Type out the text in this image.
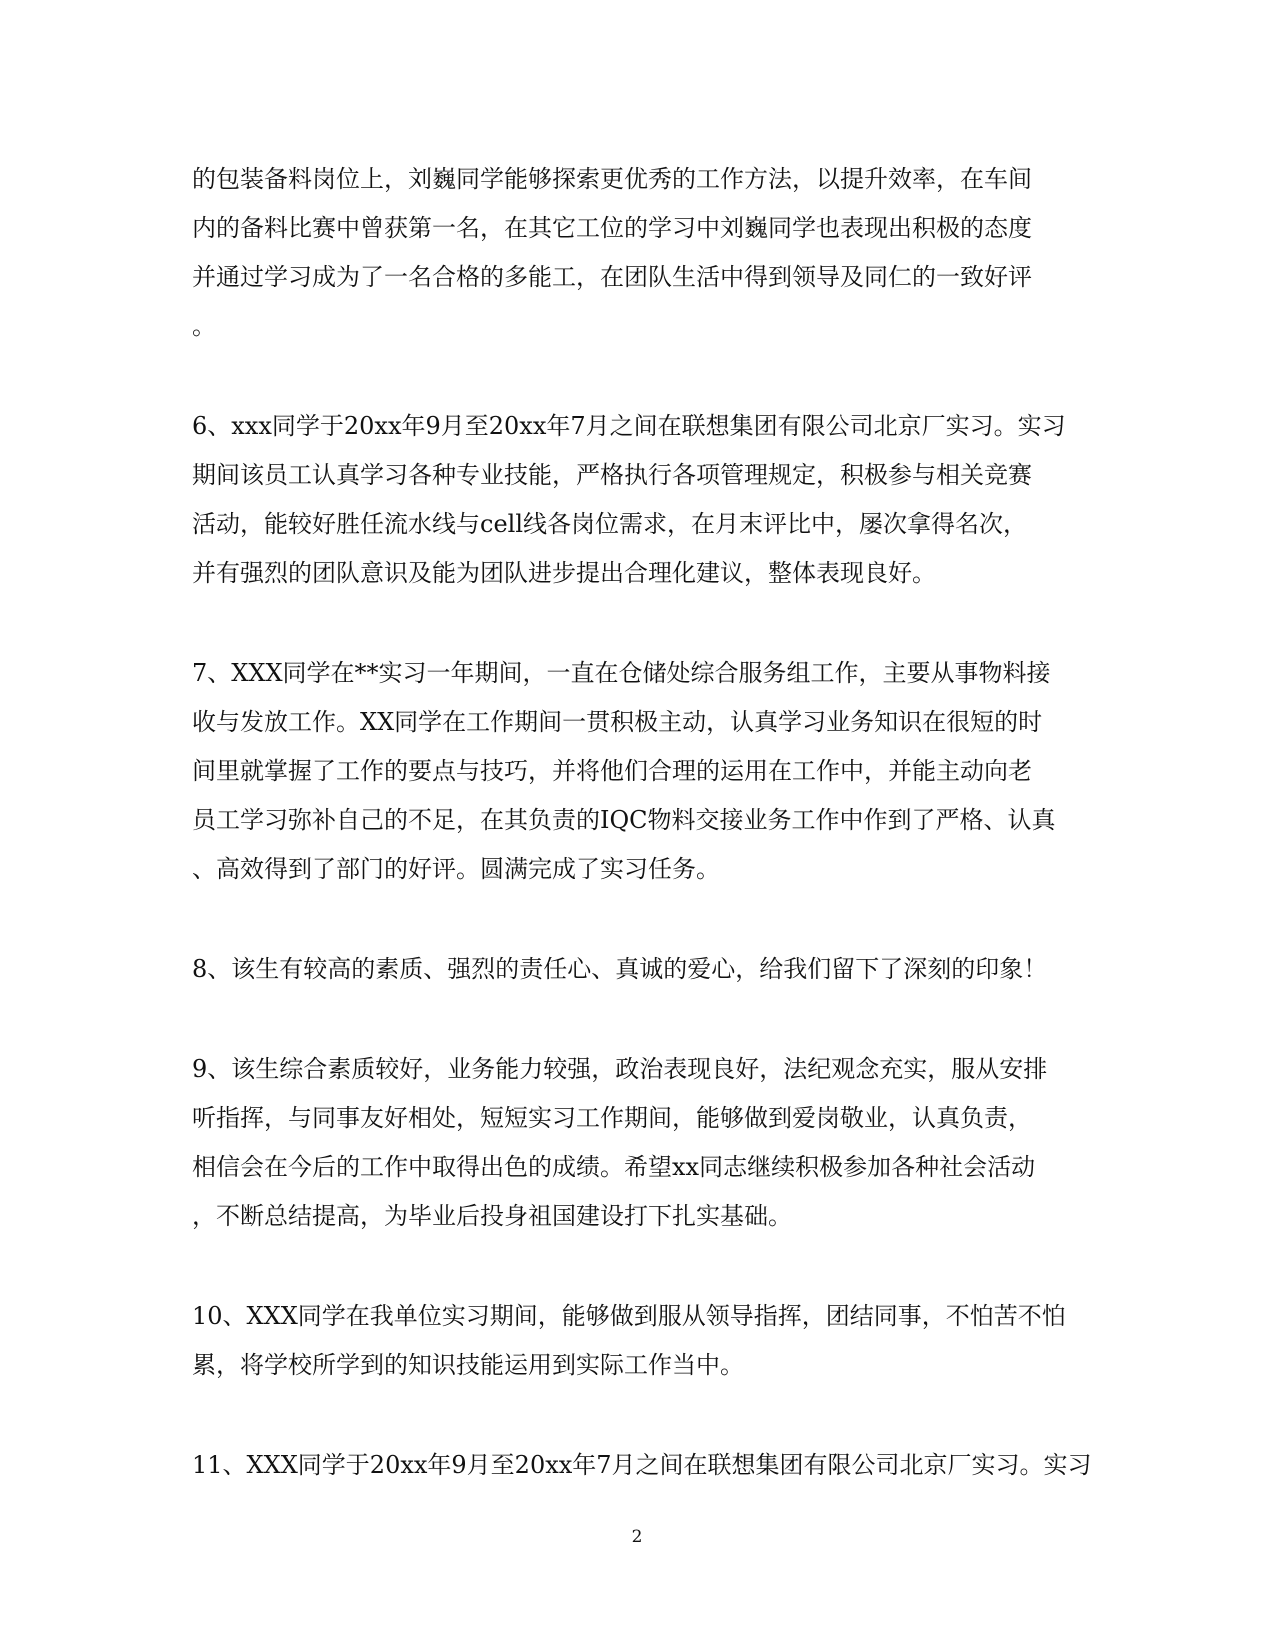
的包装备料岗位上，刘巍同学能够探索更优秀的工作方法，以提升效率，在车间
内的备料比赛中曾获第一名，在其它工位的学习中刘巍同学也表现出积极的态度
并通过学习成为了一名合格的多能工，在团队生活中得到领导及同仁的一致好评
。

6、xxx同学于20xx年9月至20xx年7月之间在联想集团有限公司北京厂实习。实习
期间该员工认真学习各种专业技能，严格执行各项管理规定，积极参与相关竞赛
活动，能较好胜任流水线与cell线各岗位需求，在月末评比中，屡次拿得名次，
并有强烈的团队意识及能为团队进步提出合理化建议，整体表现良好。

7、XXX同学在**实习一年期间，一直在仓储处综合服务组工作，主要从事物料接
收与发放工作。XX同学在工作期间一贯积极主动，认真学习业务知识在很短的时
间里就掌握了工作的要点与技巧，并将他们合理的运用在工作中，并能主动向老
员工学习弥补自己的不足，在其负责的IQC物料交接业务工作中作到了严格、认真
、高效得到了部门的好评。圆满完成了实习任务。

8、该生有较高的素质、强烈的责任心、真诚的爱心，给我们留下了深刻的印象！

9、该生综合素质较好，业务能力较强，政治表现良好，法纪观念充实，服从安排
听指挥，与同事友好相处，短短实习工作期间，能够做到爱岗敬业，认真负责，
相信会在今后的工作中取得出色的成绩。希望xx同志继续积极参加各种社会活动
，不断总结提高，为毕业后投身祖国建设打下扎实基础。

10、XXX同学在我单位实习期间，能够做到服从领导指挥，团结同事，不怕苦不怕
累，将学校所学到的知识技能运用到实际工作当中。

11、XXX同学于20xx年9月至20xx年7月之间在联想集团有限公司北京厂实习。实习

2
